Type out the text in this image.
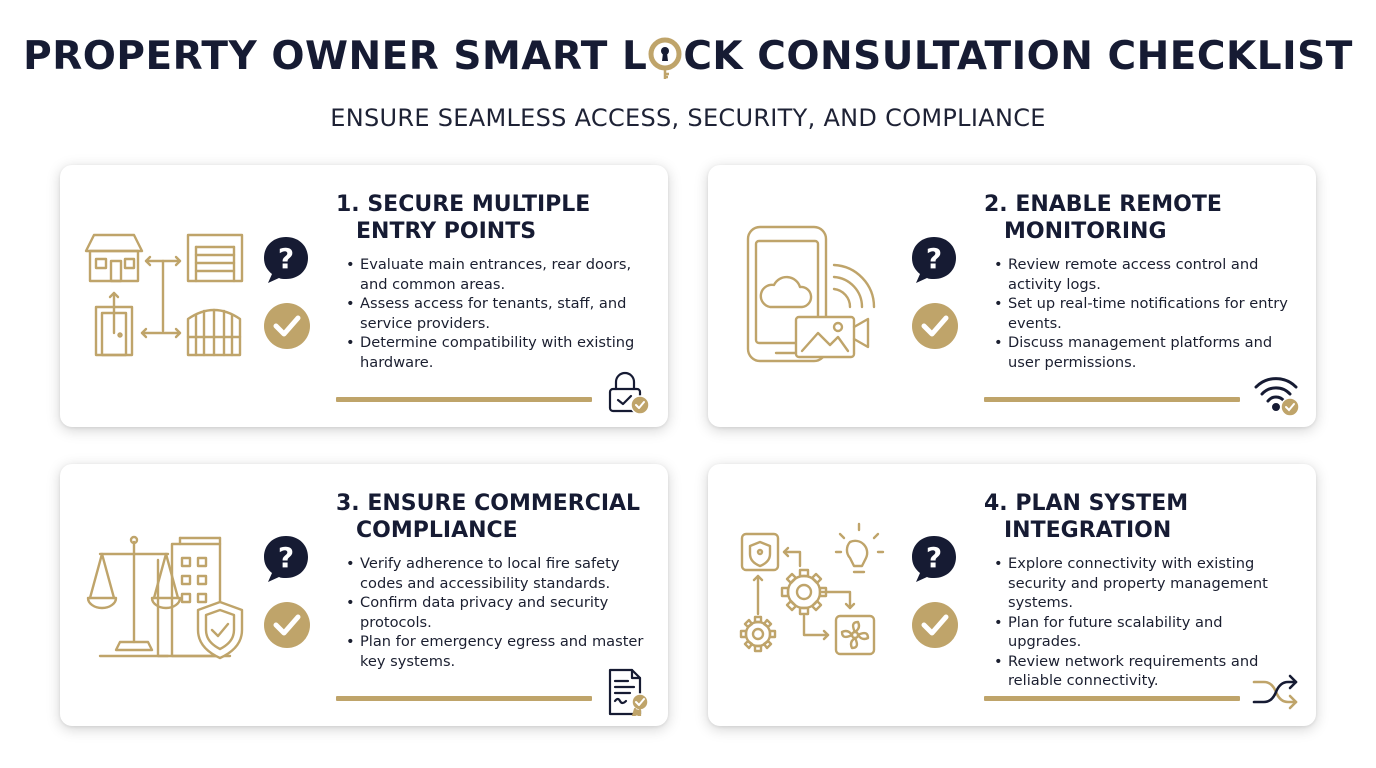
PROPERTY OWNER SMART L CK CONSULTATION CHECKLIST
ENSURE SEAMLESS ACCESS, SECURITY, AND COMPLIANCE
1. SECURE MULTIPLE
ENTRY POINTS
• Evaluate main entrances, rear doors, and common areas.
• Assess access for tenants, staff, and service providers.
• Determine compatibility with existing hardware.
2. ENABLE REMOTE
MONITORING
• Review remote access control and activity logs.
• Set up real-time notifications for entry events.
• Discuss management platforms and user permissions.
3. ENSURE COMMERCIAL
COMPLIANCE
• Verify adherence to local fire safety codes and accessibility standards.
• Confirm data privacy and security protocols.
• Plan for emergency egress and master key systems.
4. PLAN SYSTEM
INTEGRATION
• Explore connectivity with existing security and property management systems.
• Plan for future scalability and upgrades.
• Review network requirements and reliable connectivity.
